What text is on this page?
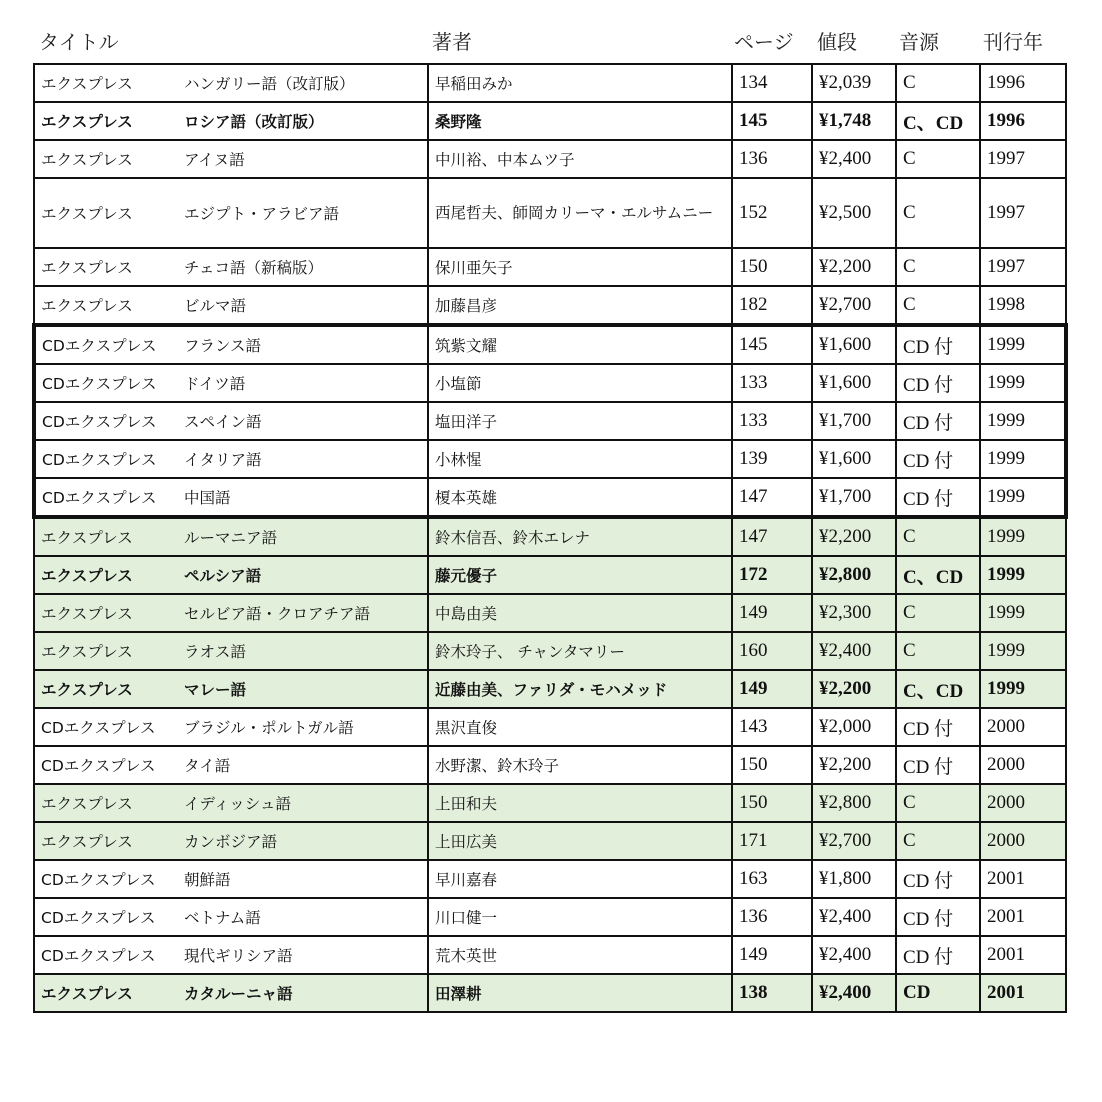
タイトル	著者	ページ 値段 音源 刊行年
エクスプレス	ハンガリー語（改訂版）	早稲田みか	134	¥2,039	C	1996
エクスプレス	ロシア語（改訂版）	桑野隆	145	¥1,748	C、CD	1996
エクスプレス	アイヌ語	中川裕、中本ムツ子	136	¥2,400	C	1997
エクスプレス	エジプト・アラビア語	西尾哲夫、師岡カリーマ・エルサムニー	152	¥2,500	C	1997
エクスプレス	チェコ語（新稿版）	保川亜矢子	150	¥2,200	C	1997
エクスプレス	ビルマ語	加藤昌彦	182	¥2,700	C	1998
CDエクスプレス	フランス語	筑紫文耀	145	¥1,600	CD 付	1999
CDエクスプレス	ドイツ語	小塩節	133	¥1,600	CD 付	1999
CDエクスプレス	スペイン語	塩田洋子	133	¥1,700	CD 付	1999
CDエクスプレス	イタリア語	小林惺	139	¥1,600	CD 付	1999
CDエクスプレス	中国語	榎本英雄	147	¥1,700	CD 付	1999
エクスプレス	ルーマニア語	鈴木信吾、鈴木エレナ	147	¥2,200	C	1999
エクスプレス	ペルシア語	藤元優子	172	¥2,800	C、CD	1999
エクスプレス	セルビア語・クロアチア語	中島由美	149	¥2,300	C	1999
エクスプレス	ラオス語	鈴木玲子、 チャンタマリー	160	¥2,400	C	1999
エクスプレス	マレー語	近藤由美、ファリダ・モハメッド	149	¥2,200	C、CD	1999
CDエクスプレス	ブラジル・ポルトガル語	黒沢直俊	143	¥2,000	CD 付	2000
CDエクスプレス	タイ語	水野潔、鈴木玲子	150	¥2,200	CD 付	2000
エクスプレス	イディッシュ語	上田和夫	150	¥2,800	C	2000
エクスプレス	カンボジア語	上田広美	171	¥2,700	C	2000
CDエクスプレス	朝鮮語	早川嘉春	163	¥1,800	CD 付	2001
CDエクスプレス	ベトナム語	川口健一	136	¥2,400	CD 付	2001
CDエクスプレス	現代ギリシア語	荒木英世	149	¥2,400	CD 付	2001
エクスプレス	カタルーニャ語	田澤耕	138	¥2,400	CD	2001
